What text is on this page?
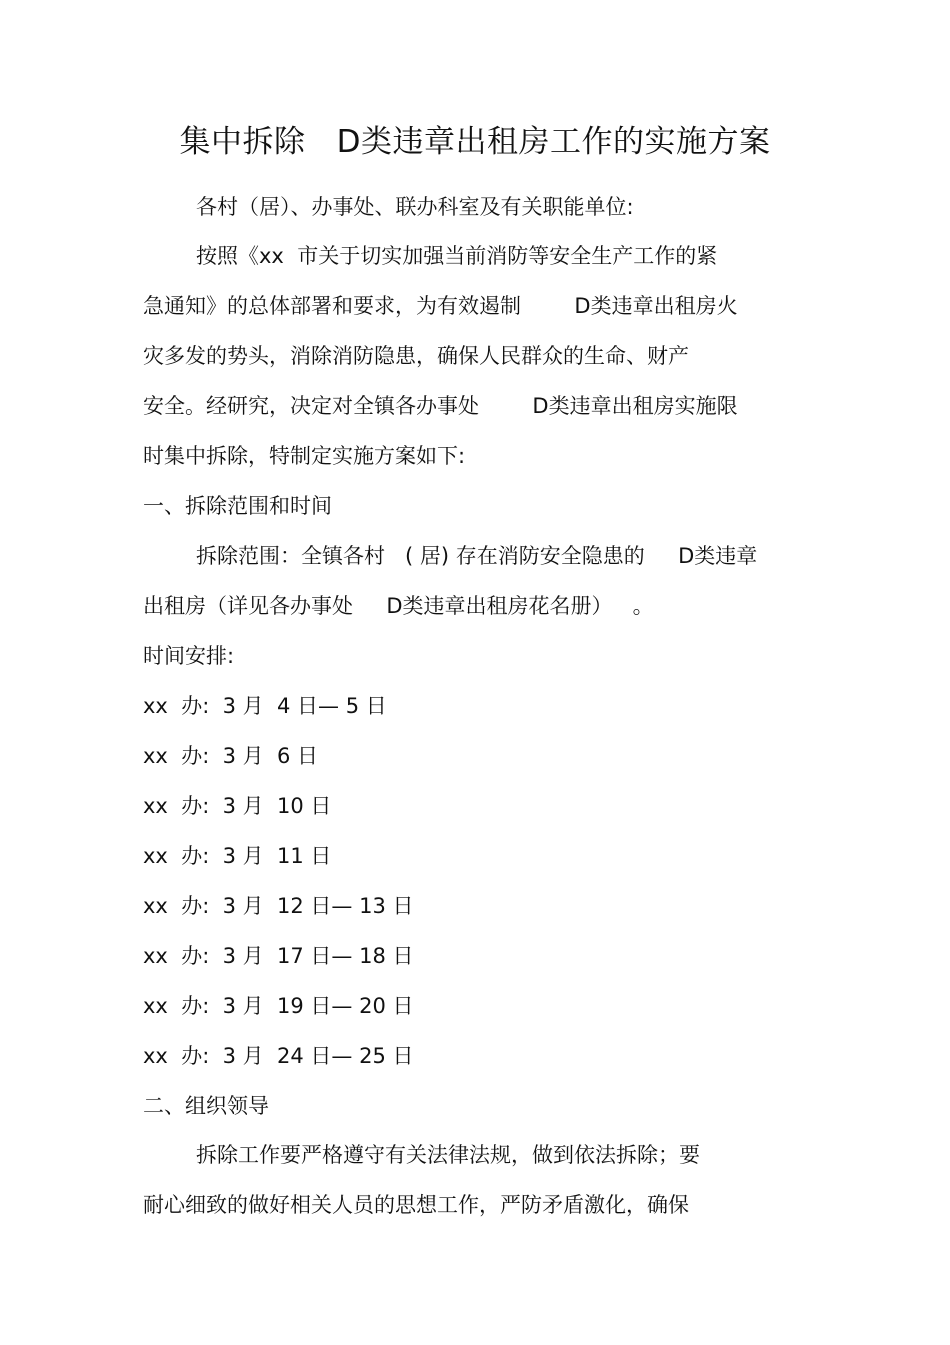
集中拆除   D类违章出租房工作的实施方案
各村（居）、办事处、联办科室及有关职能单位:
按照《xx  市关于切实加强当前消防等安全生产工作的紧
急通知》的总体部署和要求，为有效遏制        D类违章出租房火
灾多发的势头，消除消防隐患，确保人民群众的生命、财产
安全。经研究，决定对全镇各办事处        D类违章出租房实施限
时集中拆除，特制定实施方案如下:
一、拆除范围和时间
拆除范围：全镇各村   ( 居) 存在消防安全隐患的     D类违章
出租房（详见各办事处     D类违章出租房花名册）   。
时间安排:
xx  办:  3 月  4 日— 5 日
xx  办:  3 月  6 日
xx  办:  3 月  10 日
xx  办:  3 月  11 日
xx  办:  3 月  12 日— 13 日
xx  办:  3 月  17 日— 18 日
xx  办:  3 月  19 日— 20 日
xx  办:  3 月  24 日— 25 日
二、组织领导
拆除工作要严格遵守有关法律法规，做到依法拆除；要
耐心细致的做好相关人员的思想工作，严防矛盾激化，确保
